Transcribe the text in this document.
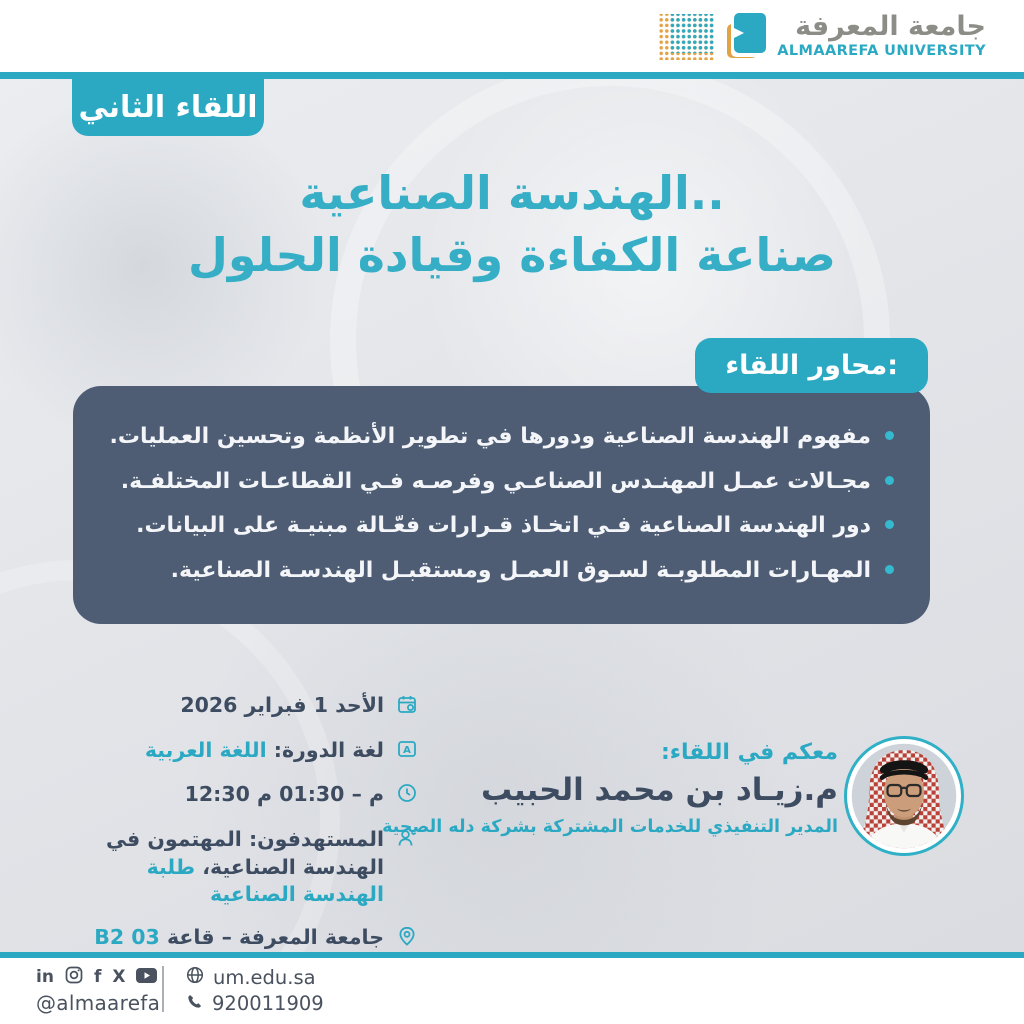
جامعة المعرفة
ALMAAREFA UNIVERSITY
اللقاء الثاني
الهندسة الصناعية..
صناعة الكفاءة وقيادة الحلول
محاور اللقاء:
مفهوم الهندسة الصناعية ودورها في تطوير الأنظمة وتحسين العمليات.
مجـالات عمـل المهنـدس الصناعـي وفرصـه فـي القطاعـات المختلفـة.
دور الهندسة الصناعية فـي اتخـاذ قـرارات فعّـالة مبنيـة على البيانات.
المهـارات المطلوبـة لسـوق العمـل ومستقبـل الهندسـة الصناعية.
الأحد 1 فبراير 2026
A
لغة الدورة:
​
اللغة العربية
12:30 م – 01:30 م
المستهدفون: المهتمون في الهندسة الصناعية، طلبة الهندسة الصناعية
جامعة المعرفة – قاعة

B2 03
معكم في اللقاء:
م.زيـاد بن محمد الحبيب
المدير التنفيذي للخدمات المشتركة بشركة دله الصحية
in f X
@almaarefa
um.edu.sa
920011909
